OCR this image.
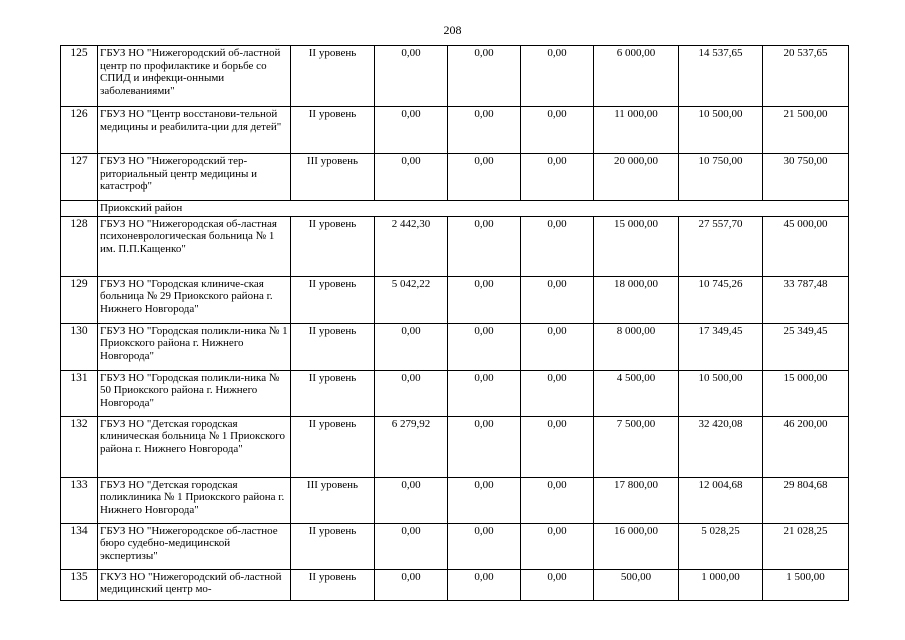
208
125	ГБУЗ НО "Нижегородский об-ластной центр по профилактике и борьбе со СПИД и инфекци-онными заболеваниями"	II уровень	0,00	0,00	0,00	6 000,00	14 537,65	20 537,65
126	ГБУЗ НО "Центр восстанови-тельной медицины и реабилита-ции для детей"	II уровень	0,00	0,00	0,00	11 000,00	10 500,00	21 500,00
127	ГБУЗ НО "Нижегородский тер-риториальный центр медицины и катастроф"	III уровень	0,00	0,00	0,00	20 000,00	10 750,00	30 750,00
	Приокский район							
128	ГБУЗ НО "Нижегородская об-ластная психоневрологическая больница № 1 им. П.П.Кащенко"	II уровень	2 442,30	0,00	0,00	15 000,00	27 557,70	45 000,00
129	ГБУЗ НО "Городская клиниче-ская больница № 29 Приокского района г. Нижнего Новгорода"	II уровень	5 042,22	0,00	0,00	18 000,00	10 745,26	33 787,48
130	ГБУЗ НО "Городская поликли-ника № 1 Приокского района г. Нижнего Новгорода"	II уровень	0,00	0,00	0,00	8 000,00	17 349,45	25 349,45
131	ГБУЗ НО "Городская поликли-ника № 50 Приокского района г. Нижнего Новгорода"	II уровень	0,00	0,00	0,00	4 500,00	10 500,00	15 000,00
132	ГБУЗ НО "Детская городская клиническая больница № 1 Приокского района г. Нижнего Новгорода"	II уровень	6 279,92	0,00	0,00	7 500,00	32 420,08	46 200,00
133	ГБУЗ НО "Детская городская поликлиника № 1 Приокского района г. Нижнего Новгорода"	III уровень	0,00	0,00	0,00	17 800,00	12 004,68	29 804,68
134	ГБУЗ НО "Нижегородское об-ластное бюро судебно-медицинской экспертизы"	II уровень	0,00	0,00	0,00	16 000,00	5 028,25	21 028,25
135	ГКУЗ НО "Нижегородский об-ластной медицинский центр мо-	II уровень	0,00	0,00	0,00	500,00	1 000,00	1 500,00
